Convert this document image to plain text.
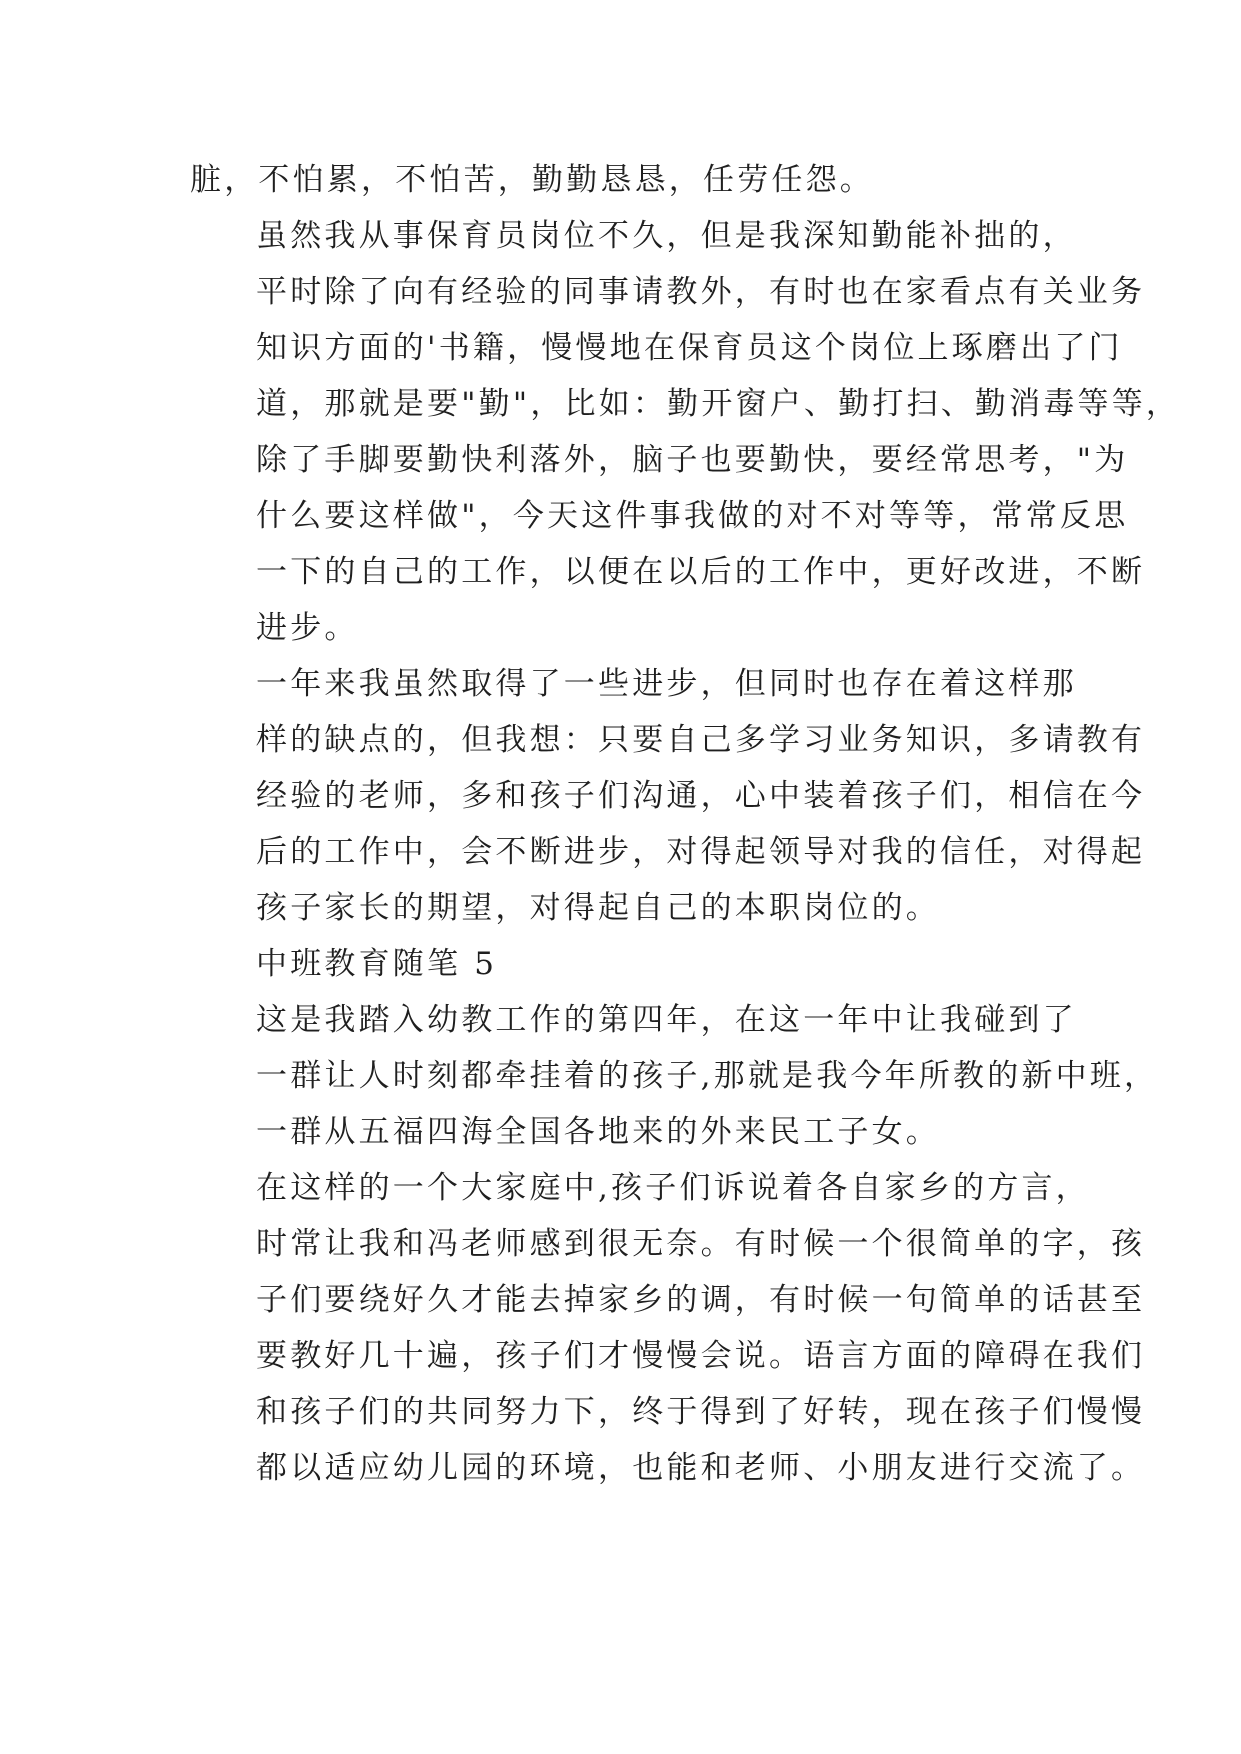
脏，不怕累，不怕苦，勤勤恳恳，任劳任怨。
虽然我从事保育员岗位不久，但是我深知勤能补拙的，
平时除了向有经验的同事请教外，有时也在家看点有关业务
知识方面的'书籍，慢慢地在保育员这个岗位上琢磨出了门
道，那就是要"勤"，比如：勤开窗户、勤打扫、勤消毒等等，
除了手脚要勤快利落外，脑子也要勤快，要经常思考，"为
什么要这样做"，今天这件事我做的对不对等等，常常反思
一下的自己的工作，以便在以后的工作中，更好改进，不断
进步。
一年来我虽然取得了一些进步，但同时也存在着这样那
样的缺点的，但我想：只要自己多学习业务知识，多请教有
经验的老师，多和孩子们沟通，心中装着孩子们，相信在今
后的工作中，会不断进步，对得起领导对我的信任，对得起
孩子家长的期望，对得起自己的本职岗位的。
中班教育随笔 5
这是我踏入幼教工作的第四年，在这一年中让我碰到了
一群让人时刻都牵挂着的孩子,那就是我今年所教的新中班，
一群从五福四海全国各地来的外来民工子女。
在这样的一个大家庭中,孩子们诉说着各自家乡的方言，
时常让我和冯老师感到很无奈。有时候一个很简单的字，孩
子们要绕好久才能去掉家乡的调，有时候一句简单的话甚至
要教好几十遍，孩子们才慢慢会说。语言方面的障碍在我们
和孩子们的共同努力下，终于得到了好转，现在孩子们慢慢
都以适应幼儿园的环境，也能和老师、小朋友进行交流了。
